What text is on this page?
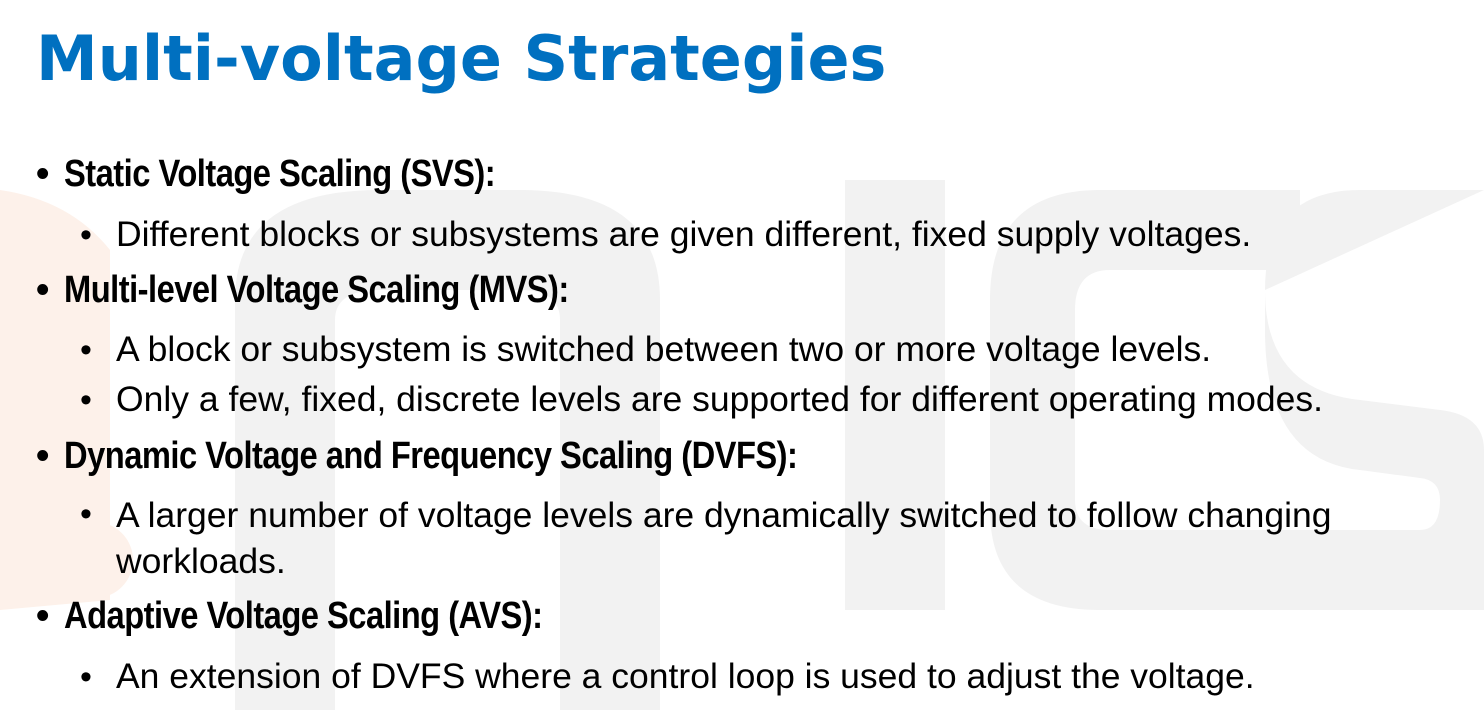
Multi-voltage Strategies
• Static Voltage Scaling (SVS):
• Different blocks or subsystems are given different, fixed supply voltages.
• Multi-level Voltage Scaling (MVS):
• A block or subsystem is switched between two or more voltage levels.
• Only a few, fixed, discrete levels are supported for different operating modes.
• Dynamic Voltage and Frequency Scaling (DVFS):
• A larger number of voltage levels are dynamically switched to follow changing workloads.
• Adaptive Voltage Scaling (AVS):
• An extension of DVFS where a control loop is used to adjust the voltage.
